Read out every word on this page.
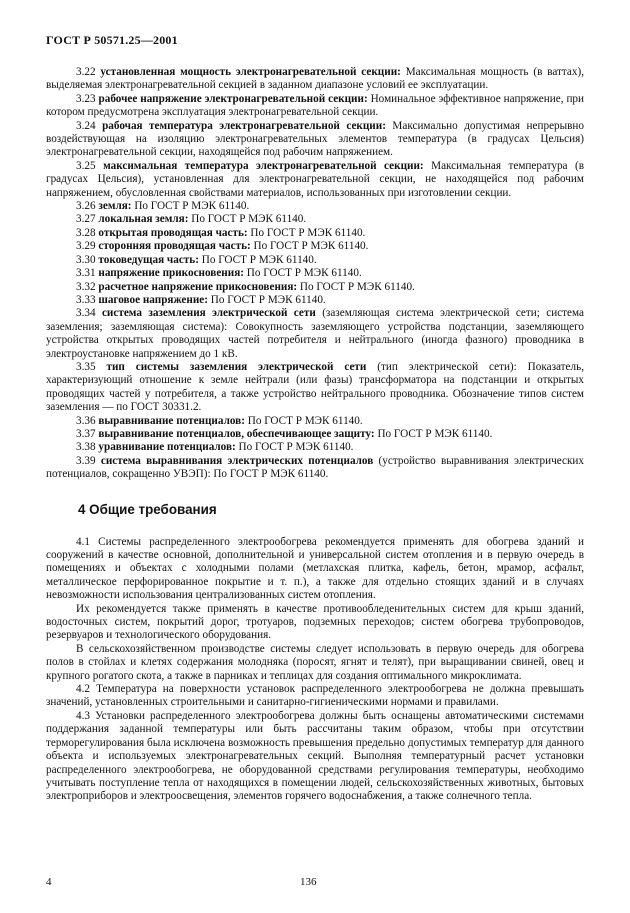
ГОСТ Р 50571.25—2001

3.22 установленная мощность электронагревательной секции: Максимальная мощность (в ваттах), выделяемая электронагревательной секцией в заданном диапазоне условий ее эксплуатации.

3.23 рабочее напряжение электронагревательной секции: Номинальное эффективное напряжение, при котором предусмотрена эксплуатация электронагревательной секции.

3.24 рабочая температура электронагревательной секции: Максимально допустимая непрерывно воздействующая на изоляцию электронагревательных элементов температура (в градусах Цельсия) электронагревательной секции, находящейся под рабочим напряжением.

3.25 максимальная температура электронагревательной секции: Максимальная температура (в градусах Цельсия), установленная для электронагревательной секции, не находящейся под рабочим напряжением, обусловленная свойствами материалов, использованных при изготовлении секции.

3.26 земля: По ГОСТ Р МЭК 61140.

3.27 локальная земля: По ГОСТ Р МЭК 61140.

3.28 открытая проводящая часть: По ГОСТ Р МЭК 61140.

3.29 сторонняя проводящая часть: По ГОСТ Р МЭК 61140.

3.30 токоведущая часть: По ГОСТ Р МЭК 61140.

3.31 напряжение прикосновения: По ГОСТ Р МЭК 61140.

3.32 расчетное напряжение прикосновения: По ГОСТ Р МЭК 61140.

3.33 шаговое напряжение: По ГОСТ Р МЭК 61140.

3.34 система заземления электрической сети (заземляющая система электрической сети; система заземления; заземляющая система): Совокупность заземляющего устройства подстанции, заземляющего устройства открытых проводящих частей потребителя и нейтрального (иногда фазного) проводника в электроустановке напряжением до 1 кВ.

3.35 тип системы заземления электрической сети (тип электрической сети): Показатель, характеризующий отношение к земле нейтрали (или фазы) трансформатора на подстанции и открытых проводящих частей у потребителя, а также устройство нейтрального проводника. Обозначение типов систем заземления — по ГОСТ 30331.2.

3.36 выравнивание потенциалов: По ГОСТ Р МЭК 61140.

3.37 выравнивание потенциалов, обеспечивающее защиту: По ГОСТ Р МЭК 61140.

3.38 уравнивание потенциалов: По ГОСТ Р МЭК 61140.

3.39 система выравнивания электрических потенциалов (устройство выравнивания электрических потенциалов, сокращенно УВЭП): По ГОСТ Р МЭК 61140.

4 Общие требования

4.1 Системы распределенного электрообогрева рекомендуется применять для обогрева зданий и сооружений в качестве основной, дополнительной и универсальной систем отопления и в первую очередь в помещениях и объектах с холодными полами (метлахская плитка, кафель, бетон, мрамор, асфальт, металлическое перфорированное покрытие и т. п.), а также для отдельно стоящих зданий и в случаях невозможности использования централизованных систем отопления.

Их рекомендуется также применять в качестве противообледенительных систем для крыш зданий, водосточных систем, покрытий дорог, тротуаров, подземных переходов; систем обогрева трубопроводов, резервуаров и технологического оборудования.

В сельскохозяйственном производстве системы следует использовать в первую очередь для обогрева полов в стойлах и клетях содержания молодняка (поросят, ягнят и телят), при выращивании свиней, овец и крупного рогатого скота, а также в парниках и теплицах для создания оптимального микроклимата.

4.2 Температура на поверхности установок распределенного электрообогрева не должна превышать значений, установленных строительными и санитарно-гигиеническими нормами и правилами.

4.3 Установки распределенного электрообогрева должны быть оснащены автоматическими системами поддержания заданной температуры или быть рассчитаны таким образом, чтобы при отсутствии терморегулирования была исключена возможность превышения предельно допустимых температур для данного объекта и используемых электронагревательных секций. Выполняя температурный расчет установки распределенного электрообогрева, не оборудованной средствами регулирования температуры, необходимо учитывать поступление тепла от находящихся в помещении людей, сельскохозяйственных животных, бытовых электроприборов и электроосвещения, элементов горячего водоснабжения, а также солнечного тепла.

4	136
